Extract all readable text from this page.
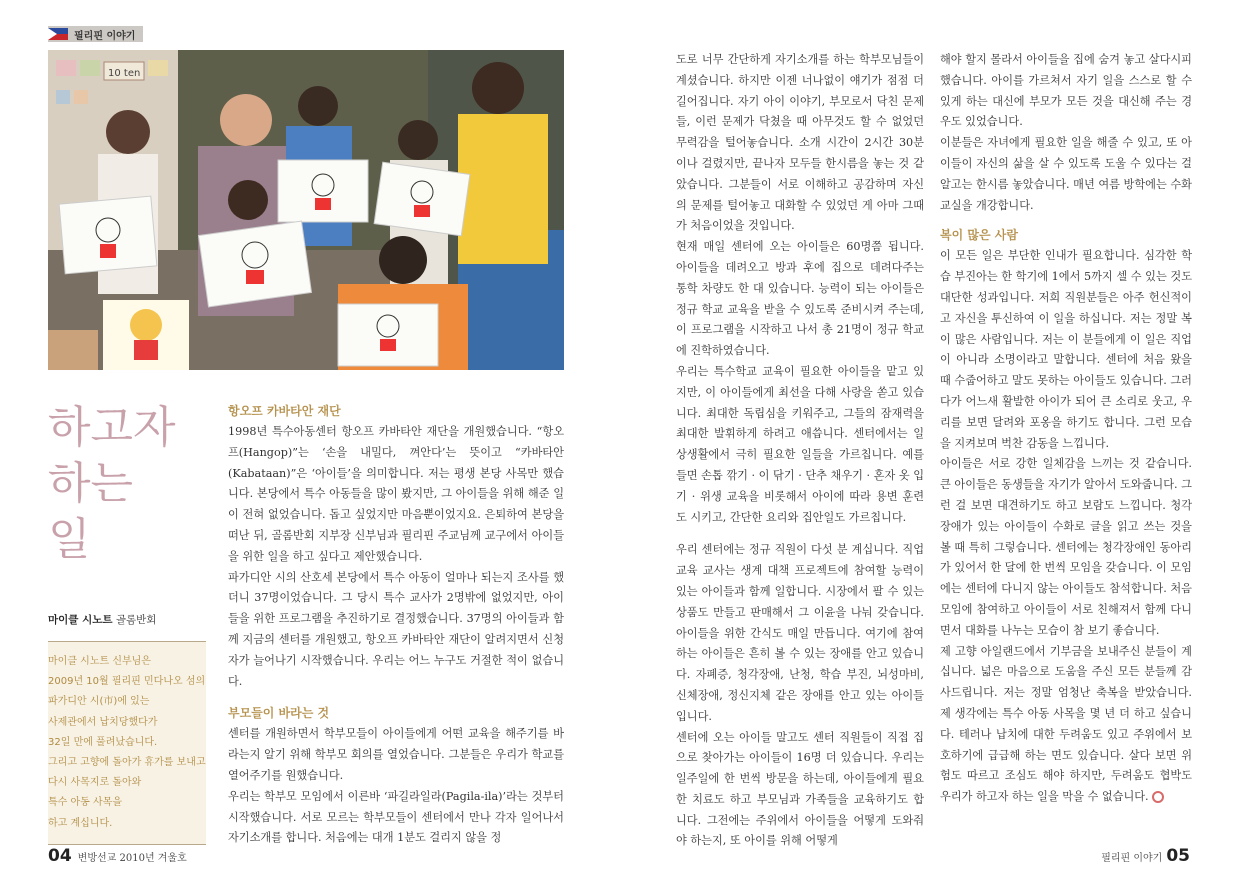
필리핀 이야기
10 ten
하고자
하는
일
마이클 시노트 골롬반회
마이클 시노트 신부님은
2009년 10월 필리핀 민다나오 섬의
파가디안 시(市)에 있는
사제관에서 납치당했다가
32일 만에 풀려났습니다.
그리고 고향에 돌아가 휴가를 보내고
다시 사목지로 돌아와
특수 아동 사목을
하고 계십니다.
항오프 카바타안 재단

1998년 특수아동센터 항오프 카바타안 재단을 개원했습니다. “항오프(Hangop)”는 ‘손을 내밀다, 껴안다’는 뜻이고 “카바타안(Kabataan)”은 ‘아이들’을 의미합니다. 저는 평생 본당 사목만 했습니다. 본당에서 특수 아동들을 많이 봤지만, 그 아이들을 위해 해준 일이 전혀 없었습니다. 돕고 싶었지만 마음뿐이었지요. 은퇴하여 본당을 떠난 뒤, 골롬반회 지부장 신부님과 필리핀 주교님께 교구에서 아이들을 위한 일을 하고 싶다고 제안했습니다.

파가디안 시의 산호세 본당에서 특수 아동이 얼마나 되는지 조사를 했더니 37명이었습니다. 그 당시 특수 교사가 2명밖에 없었지만, 아이들을 위한 프로그램을 추진하기로 결정했습니다. 37명의 아이들과 함께 지금의 센터를 개원했고, 항오프 카바타안 재단이 알려지면서 신청자가 늘어나기 시작했습니다. 우리는 어느 누구도 거절한 적이 없습니다.

부모들이 바라는 것

센터를 개원하면서 학부모들이 아이들에게 어떤 교육을 해주기를 바라는지 알기 위해 학부모 회의를 열었습니다. 그분들은 우리가 학교를 열어주기를 원했습니다.

우리는 학부모 모임에서 이른바 ‘파길라일라(Pagila-ila)’라는 것부터 시작했습니다. 서로 모르는 학부모들이 센터에서 만나 각자 일어나서 자기소개를 합니다. 처음에는 대개 1분도 걸리지 않을 정

도로 너무 간단하게 자기소개를 하는 학부모님들이 계셨습니다. 하지만 이젠 너나없이 얘기가 점점 더 길어집니다. 자기 아이 이야기, 부모로서 닥친 문제들, 이런 문제가 닥쳤을 때 아무것도 할 수 없었던 무력감을 털어놓습니다. 소개 시간이 2시간 30분이나 걸렸지만, 끝나자 모두들 한시름을 놓는 것 같았습니다. 그분들이 서로 이해하고 공감하며 자신의 문제를 털어놓고 대화할 수 있었던 게 아마 그때가 처음이었을 것입니다.

현재 매일 센터에 오는 아이들은 60명쯤 됩니다. 아이들을 데려오고 방과 후에 집으로 데려다주는 통학 차량도 한 대 있습니다. 능력이 되는 아이들은 정규 학교 교육을 받을 수 있도록 준비시켜 주는데, 이 프로그램을 시작하고 나서 총 21명이 정규 학교에 진학하였습니다.

우리는 특수학교 교육이 필요한 아이들을 맡고 있지만, 이 아이들에게 최선을 다해 사랑을 쏟고 있습니다. 최대한 독립심을 키워주고, 그들의 잠재력을 최대한 발휘하게 하려고 애씁니다. 센터에서는 일상생활에서 극히 필요한 일들을 가르칩니다. 예를 들면 손톱 깎기 · 이 닦기 · 단추 채우기 · 혼자 옷 입기 · 위생 교육을 비롯해서 아이에 따라 용변 훈련도 시키고, 간단한 요리와 집안일도 가르칩니다.

우리 센터에는 정규 직원이 다섯 분 계십니다. 직업 교육 교사는 생계 대책 프로젝트에 참여할 능력이 있는 아이들과 함께 일합니다. 시장에서 팔 수 있는 상품도 만들고 판매해서 그 이윤을 나눠 갖습니다. 아이들을 위한 간식도 매일 만듭니다. 여기에 참여하는 아이들은 흔히 볼 수 있는 장애를 안고 있습니다. 자폐증, 청각장애, 난청, 학습 부진, 뇌성마비, 신체장애, 정신지체 같은 장애를 안고 있는 아이들입니다.

센터에 오는 아이들 말고도 센터 직원들이 직접 집으로 찾아가는 아이들이 16명 더 있습니다. 우리는 일주일에 한 번씩 방문을 하는데, 아이들에게 필요한 치료도 하고 부모님과 가족들을 교육하기도 합니다. 그전에는 주위에서 아이들을 어떻게 도와줘야 하는지, 또 아이를 위해 어떻게

해야 할지 몰라서 아이들을 집에 숨겨 놓고 살다시피 했습니다. 아이를 가르쳐서 자기 일을 스스로 할 수 있게 하는 대신에 부모가 모든 것을 대신해 주는 경우도 있었습니다.

이분들은 자녀에게 필요한 일을 해줄 수 있고, 또 아이들이 자신의 삶을 살 수 있도록 도울 수 있다는 걸 알고는 한시름 놓았습니다. 매년 여름 방학에는 수화 교실을 개강합니다.

복이 많은 사람

이 모든 일은 부단한 인내가 필요합니다. 심각한 학습 부진아는 한 학기에 1에서 5까지 셀 수 있는 것도 대단한 성과입니다. 저희 직원분들은 아주 헌신적이고 자신을 투신하여 이 일을 하십니다. 저는 정말 복이 많은 사람입니다. 저는 이 분들에게 이 일은 직업이 아니라 소명이라고 말합니다. 센터에 처음 왔을 때 수줍어하고 말도 못하는 아이들도 있습니다. 그러다가 어느새 활발한 아이가 되어 큰 소리로 웃고, 우리를 보면 달려와 포옹을 하기도 합니다. 그런 모습을 지켜보며 벅찬 감동을 느낍니다.

아이들은 서로 강한 일체감을 느끼는 것 같습니다. 큰 아이들은 동생들을 자기가 알아서 도와줍니다. 그런 걸 보면 대견하기도 하고 보람도 느낍니다. 청각 장애가 있는 아이들이 수화로 글을 읽고 쓰는 것을 볼 때 특히 그렇습니다. 센터에는 청각장애인 동아리가 있어서 한 달에 한 번씩 모임을 갖습니다. 이 모임에는 센터에 다니지 않는 아이들도 참석합니다. 처음 모임에 참여하고 아이들이 서로 친해져서 함께 다니면서 대화를 나누는 모습이 참 보기 좋습니다.

제 고향 아일랜드에서 기부금을 보내주신 분들이 계십니다. 넓은 마음으로 도움을 주신 모든 분들께 감사드립니다. 저는 정말 엄청난 축복을 받았습니다. 제 생각에는 특수 아동 사목을 몇 년 더 하고 싶습니다. 테러나 납치에 대한 두려움도 있고 주위에서 보호하기에 급급해 하는 면도 있습니다. 살다 보면 위험도 따르고 조심도 해야 하지만, 두려움도 협박도 우리가 하고자 하는 일을 막을 수 없습니다.

04 변방선교 2010년 겨울호	필리핀 이야기 05
